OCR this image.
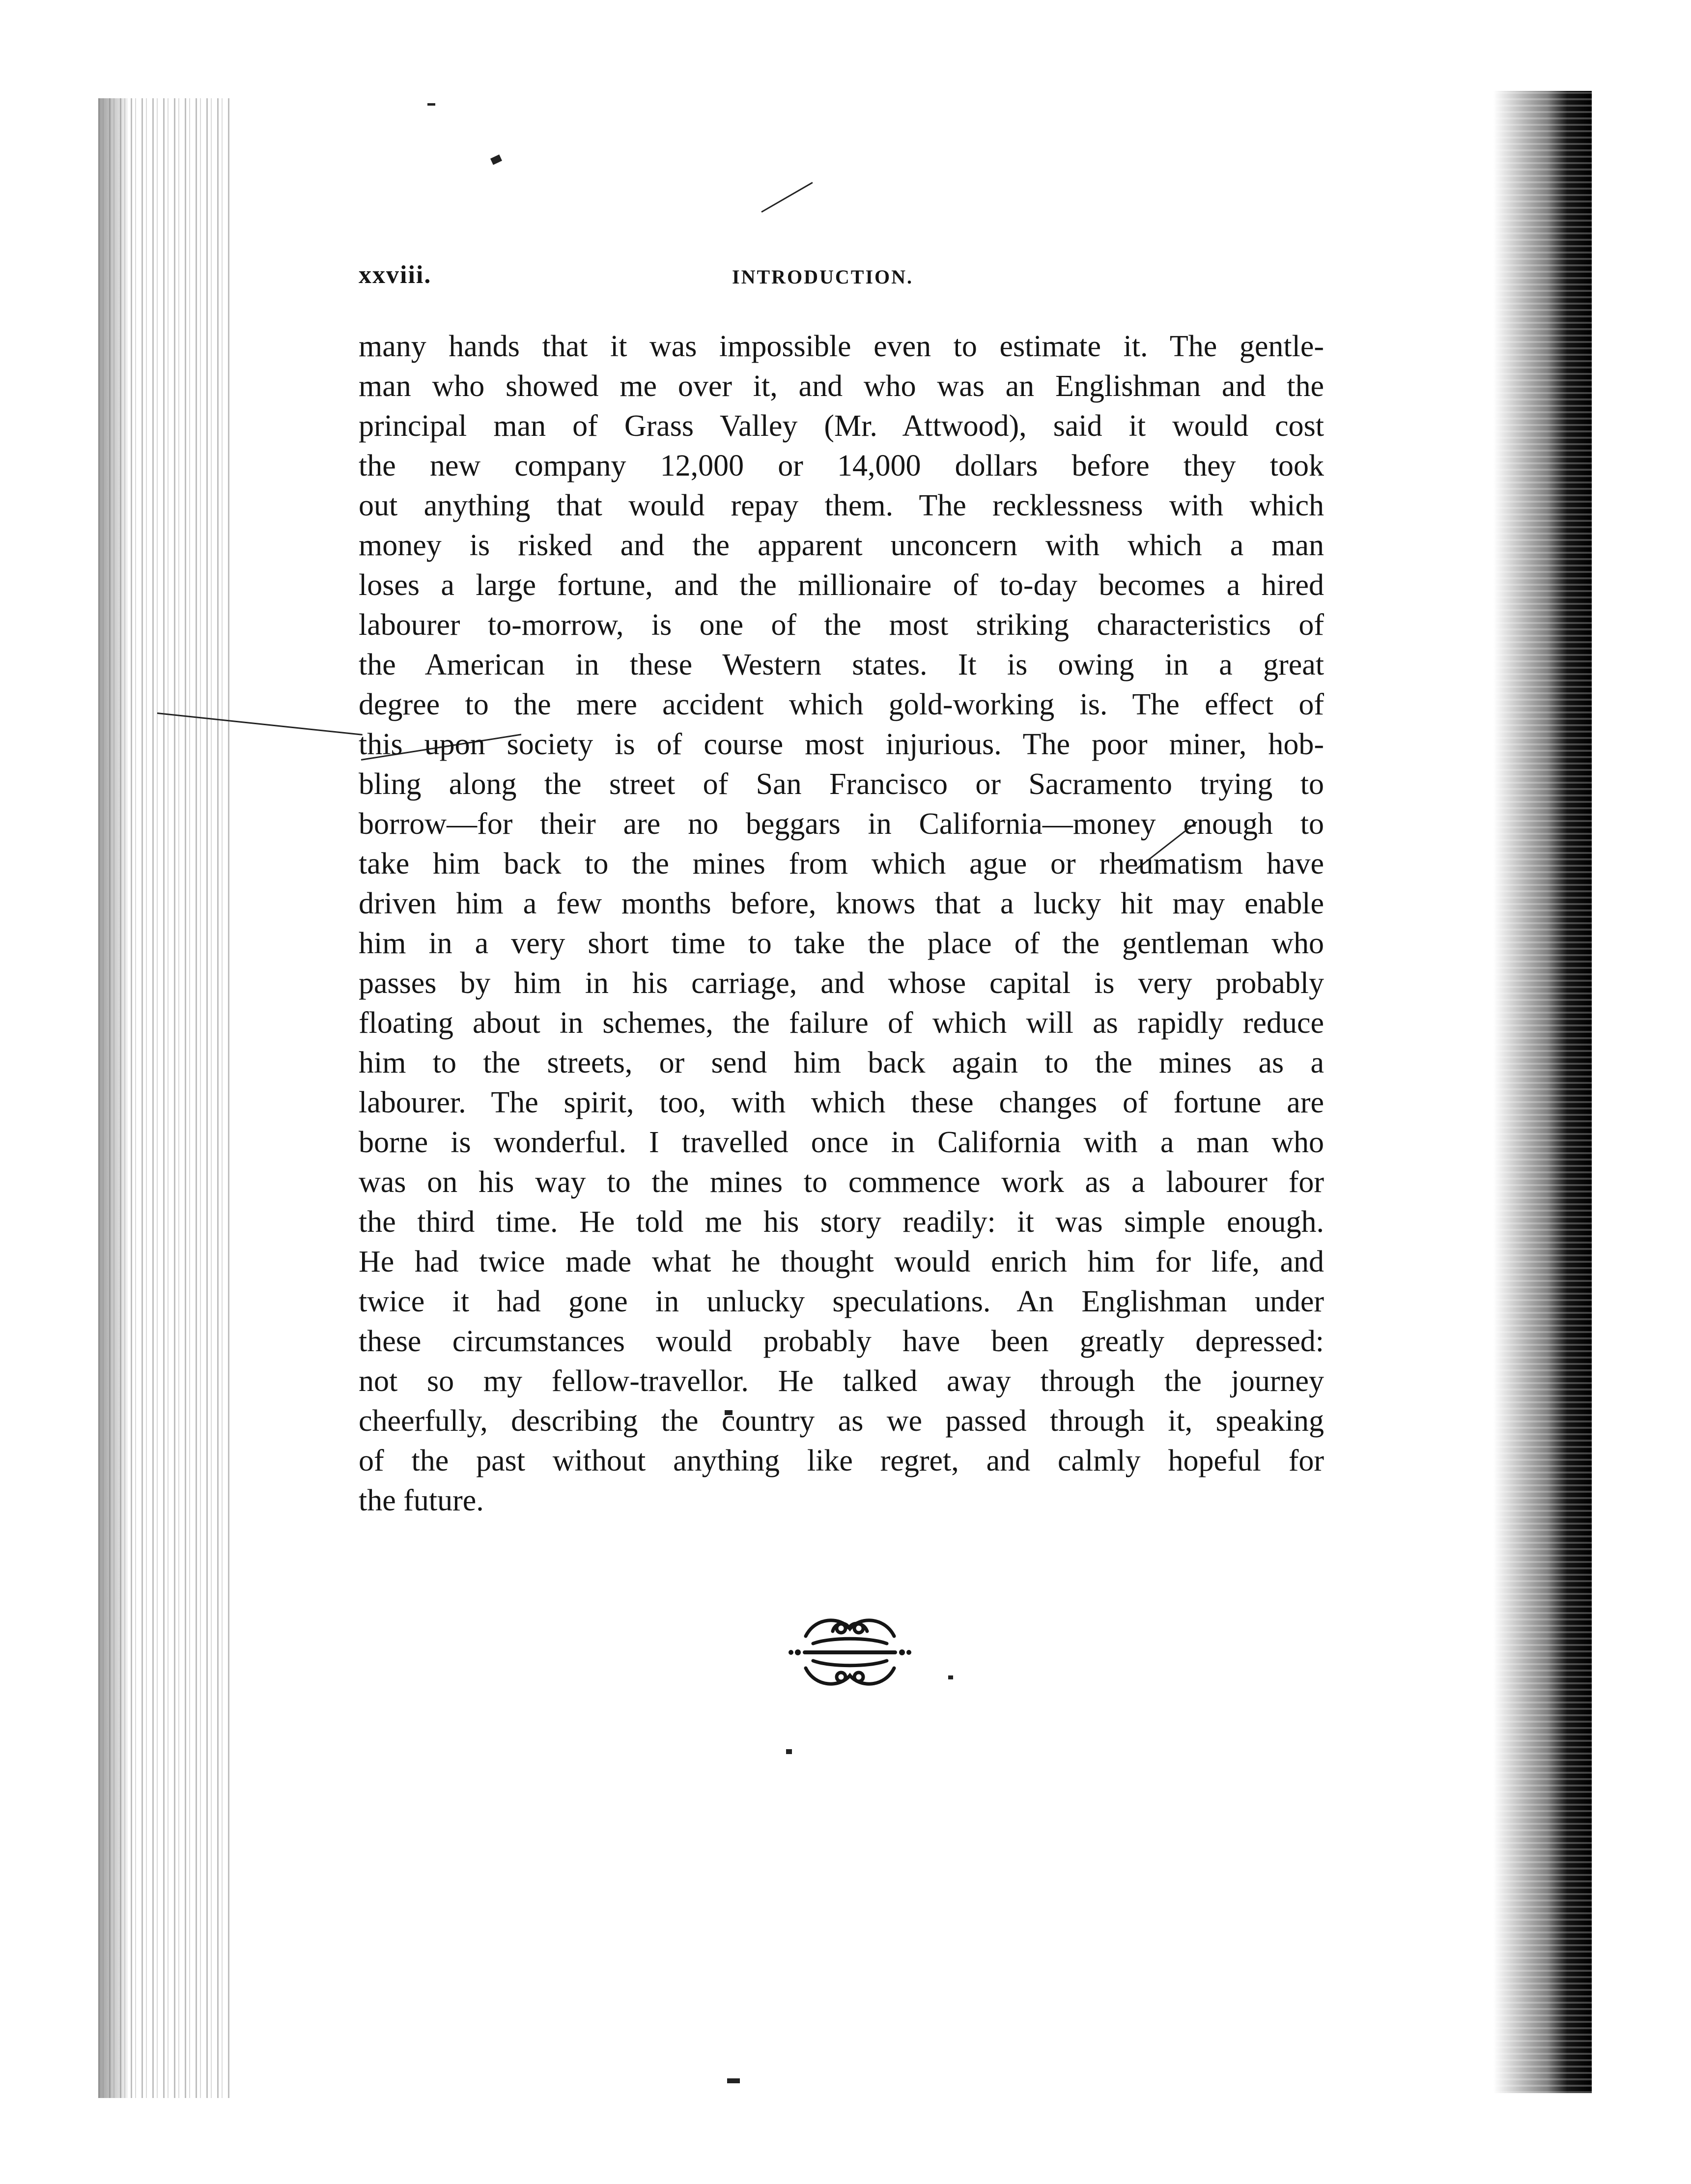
xxviii.	INTRODUCTION.
many hands that it was impossible even to estimate it. The gentle-
man who showed me over it, and who was an Englishman and the
principal man of Grass Valley (Mr. Attwood), said it would cost
the new company 12,000 or 14,000 dollars before they took
out anything that would repay them. The recklessness with which
money is risked and the apparent unconcern with which a man
loses a large fortune, and the millionaire of to-day becomes a hired
labourer to-morrow, is one of the most striking characteristics of
the American in these Western states. It is owing in a great
degree to the mere accident which gold-working is. The effect of
this upon society is of course most injurious. The poor miner, hob-
bling along the street of San Francisco or Sacramento trying to
borrow—for their are no beggars in California—money enough to
take him back to the mines from which ague or rheumatism have
driven him a few months before, knows that a lucky hit may enable
him in a very short time to take the place of the gentleman who
passes by him in his carriage, and whose capital is very probably
floating about in schemes, the failure of which will as rapidly reduce
him to the streets, or send him back again to the mines as a
labourer. The spirit, too, with which these changes of fortune are
borne is wonderful. I travelled once in California with a man who
was on his way to the mines to commence work as a labourer for
the third time. He told me his story readily: it was simple enough.
He had twice made what he thought would enrich him for life, and
twice it had gone in unlucky speculations. An Englishman under
these circumstances would probably have been greatly depressed:
not so my fellow-travellor. He talked away through the journey
cheerfully, describing the country as we passed through it, speaking
of the past without anything like regret, and calmly hopeful for
the future.
